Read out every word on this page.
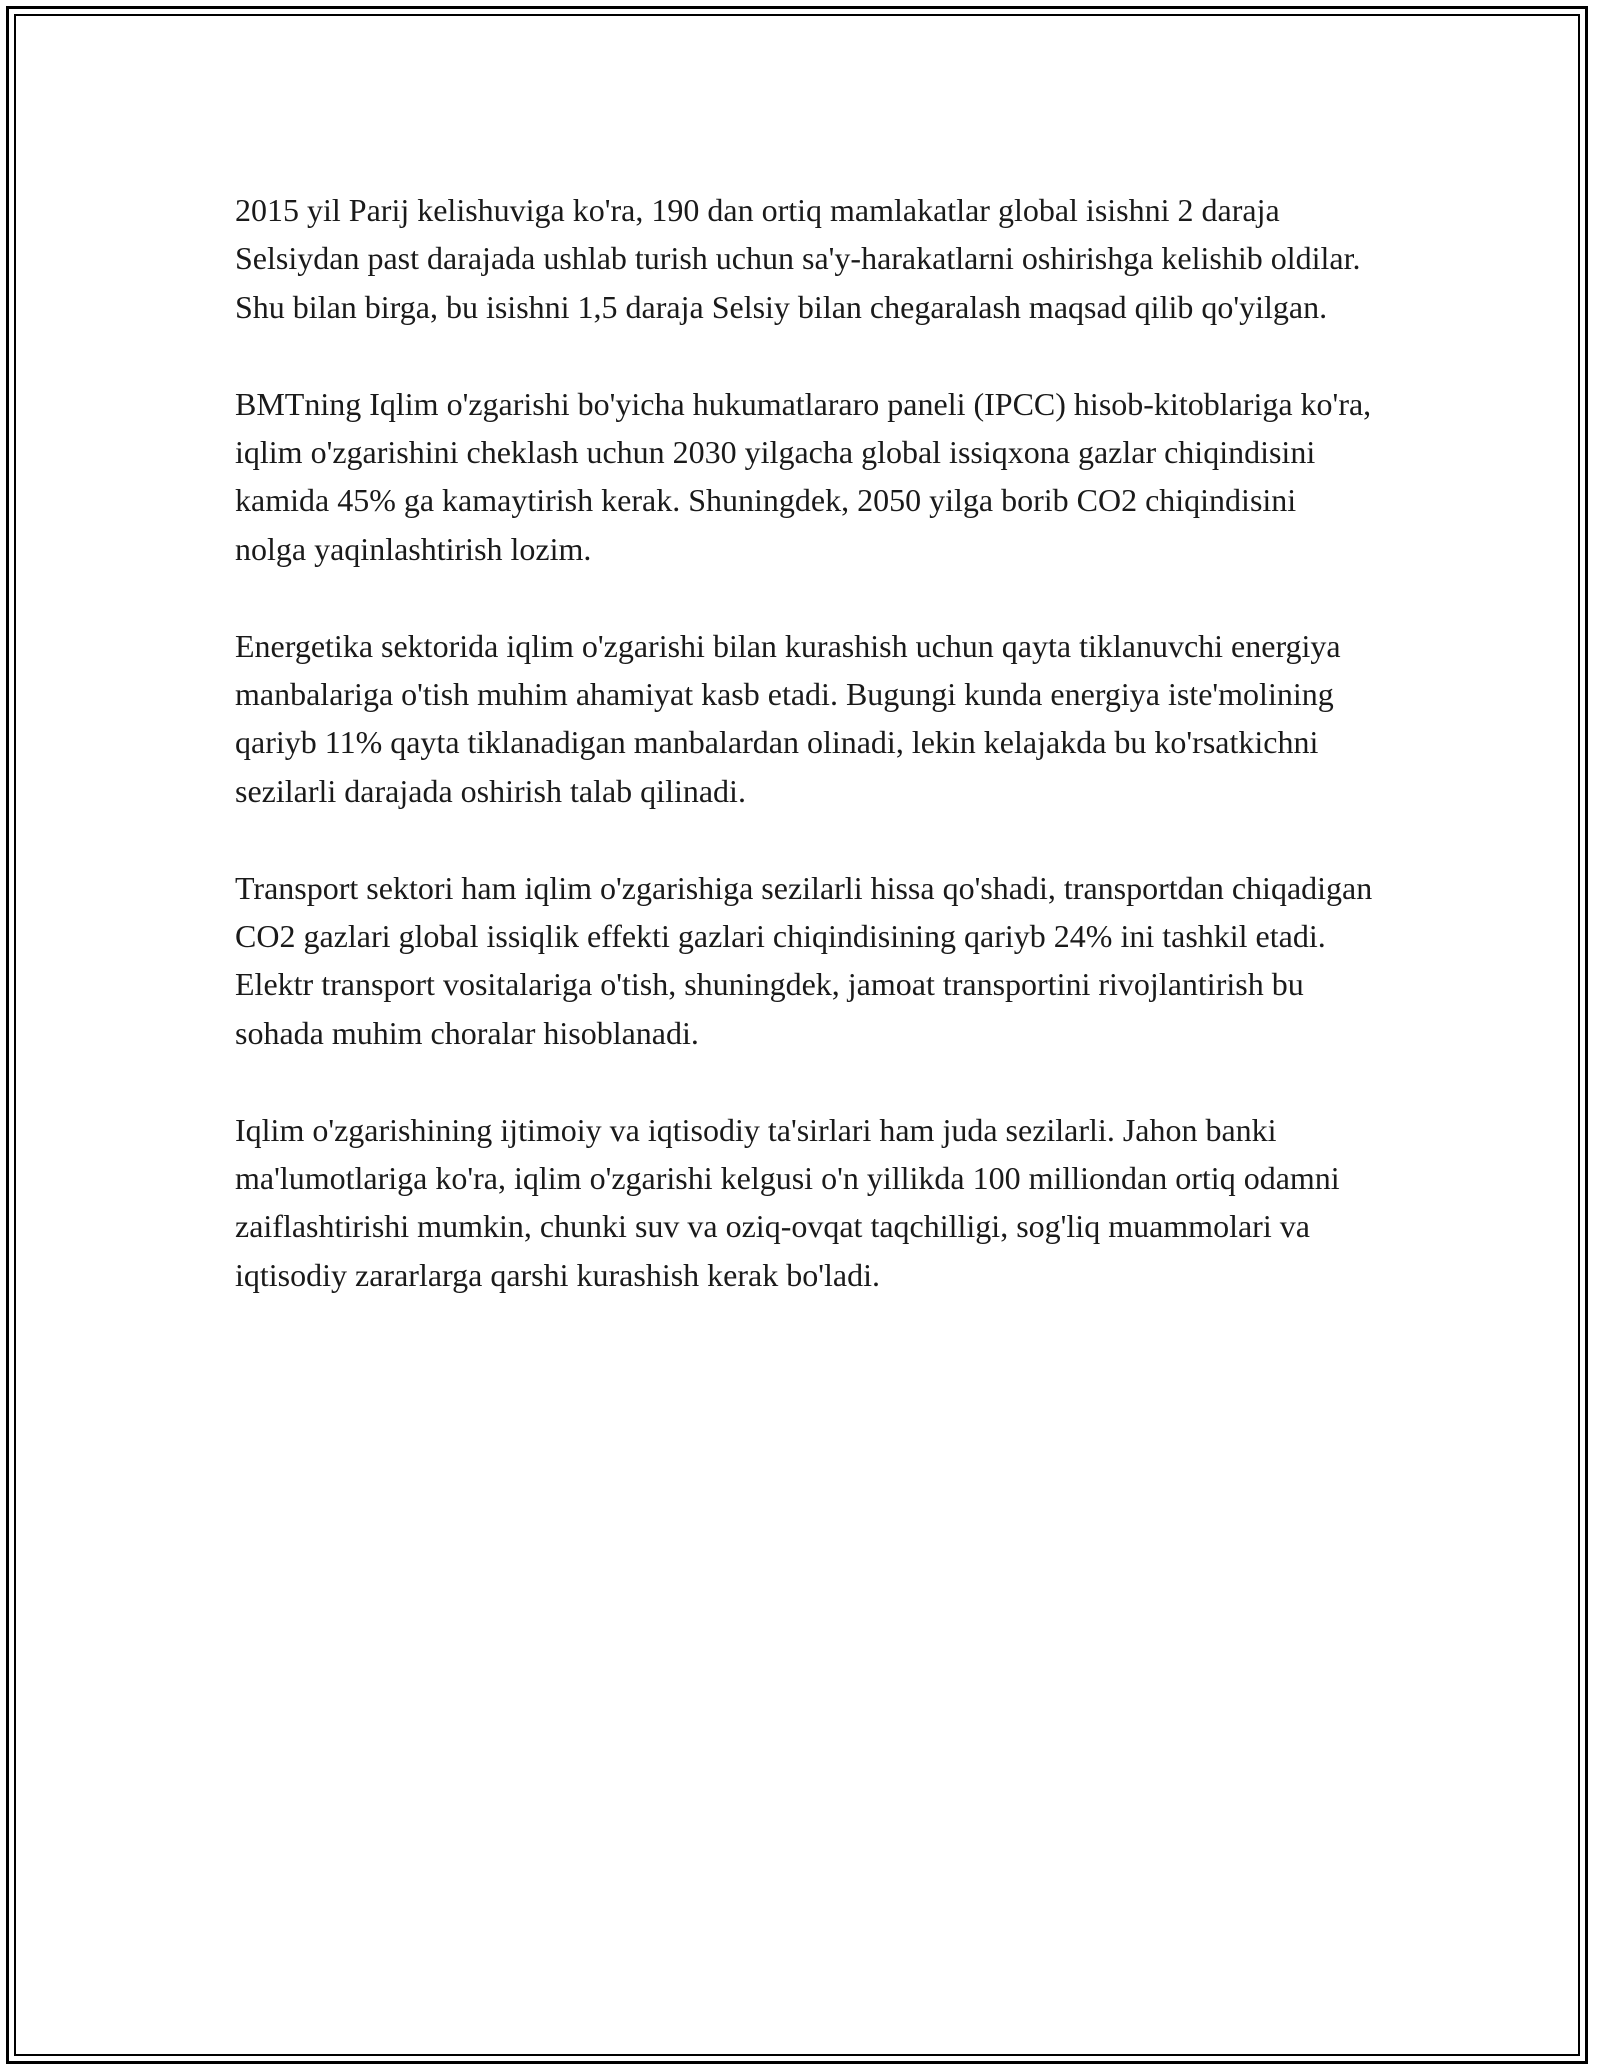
2015 yil Parij kelishuviga ko'ra, 190 dan ortiq mamlakatlar global isishni 2 daraja Selsiydan past darajada ushlab turish uchun sa'y-harakatlarni oshirishga kelishib oldilar. Shu bilan birga, bu isishni 1,5 daraja Selsiy bilan chegaralash maqsad qilib qo'yilgan.

BMTning Iqlim o'zgarishi bo'yicha hukumatlararo paneli (IPCC) hisob-kitoblariga ko'ra, iqlim o'zgarishini cheklash uchun 2030 yilgacha global issiqxona gazlar chiqindisini kamida 45% ga kamaytirish kerak. Shuningdek, 2050 yilga borib CO2 chiqindisini nolga yaqinlashtirish lozim.

Energetika sektorida iqlim o'zgarishi bilan kurashish uchun qayta tiklanuvchi energiya manbalariga o'tish muhim ahamiyat kasb etadi. Bugungi kunda energiya iste'molining qariyb 11% qayta tiklanadigan manbalardan olinadi, lekin kelajakda bu ko'rsatkichni sezilarli darajada oshirish talab qilinadi.

Transport sektori ham iqlim o'zgarishiga sezilarli hissa qo'shadi, transportdan chiqadigan CO2 gazlari global issiqlik effekti gazlari chiqindisining qariyb 24% ini tashkil etadi. Elektr transport vositalariga o'tish, shuningdek, jamoat transportini rivojlantirish bu sohada muhim choralar hisoblanadi.

Iqlim o'zgarishining ijtimoiy va iqtisodiy ta'sirlari ham juda sezilarli. Jahon banki ma'lumotlariga ko'ra, iqlim o'zgarishi kelgusi o'n yillikda 100 milliondan ortiq odamni zaiflashtirishi mumkin, chunki suv va oziq-ovqat taqchilligi, sog'liq muammolari va iqtisodiy zararlarga qarshi kurashish kerak bo'ladi.
